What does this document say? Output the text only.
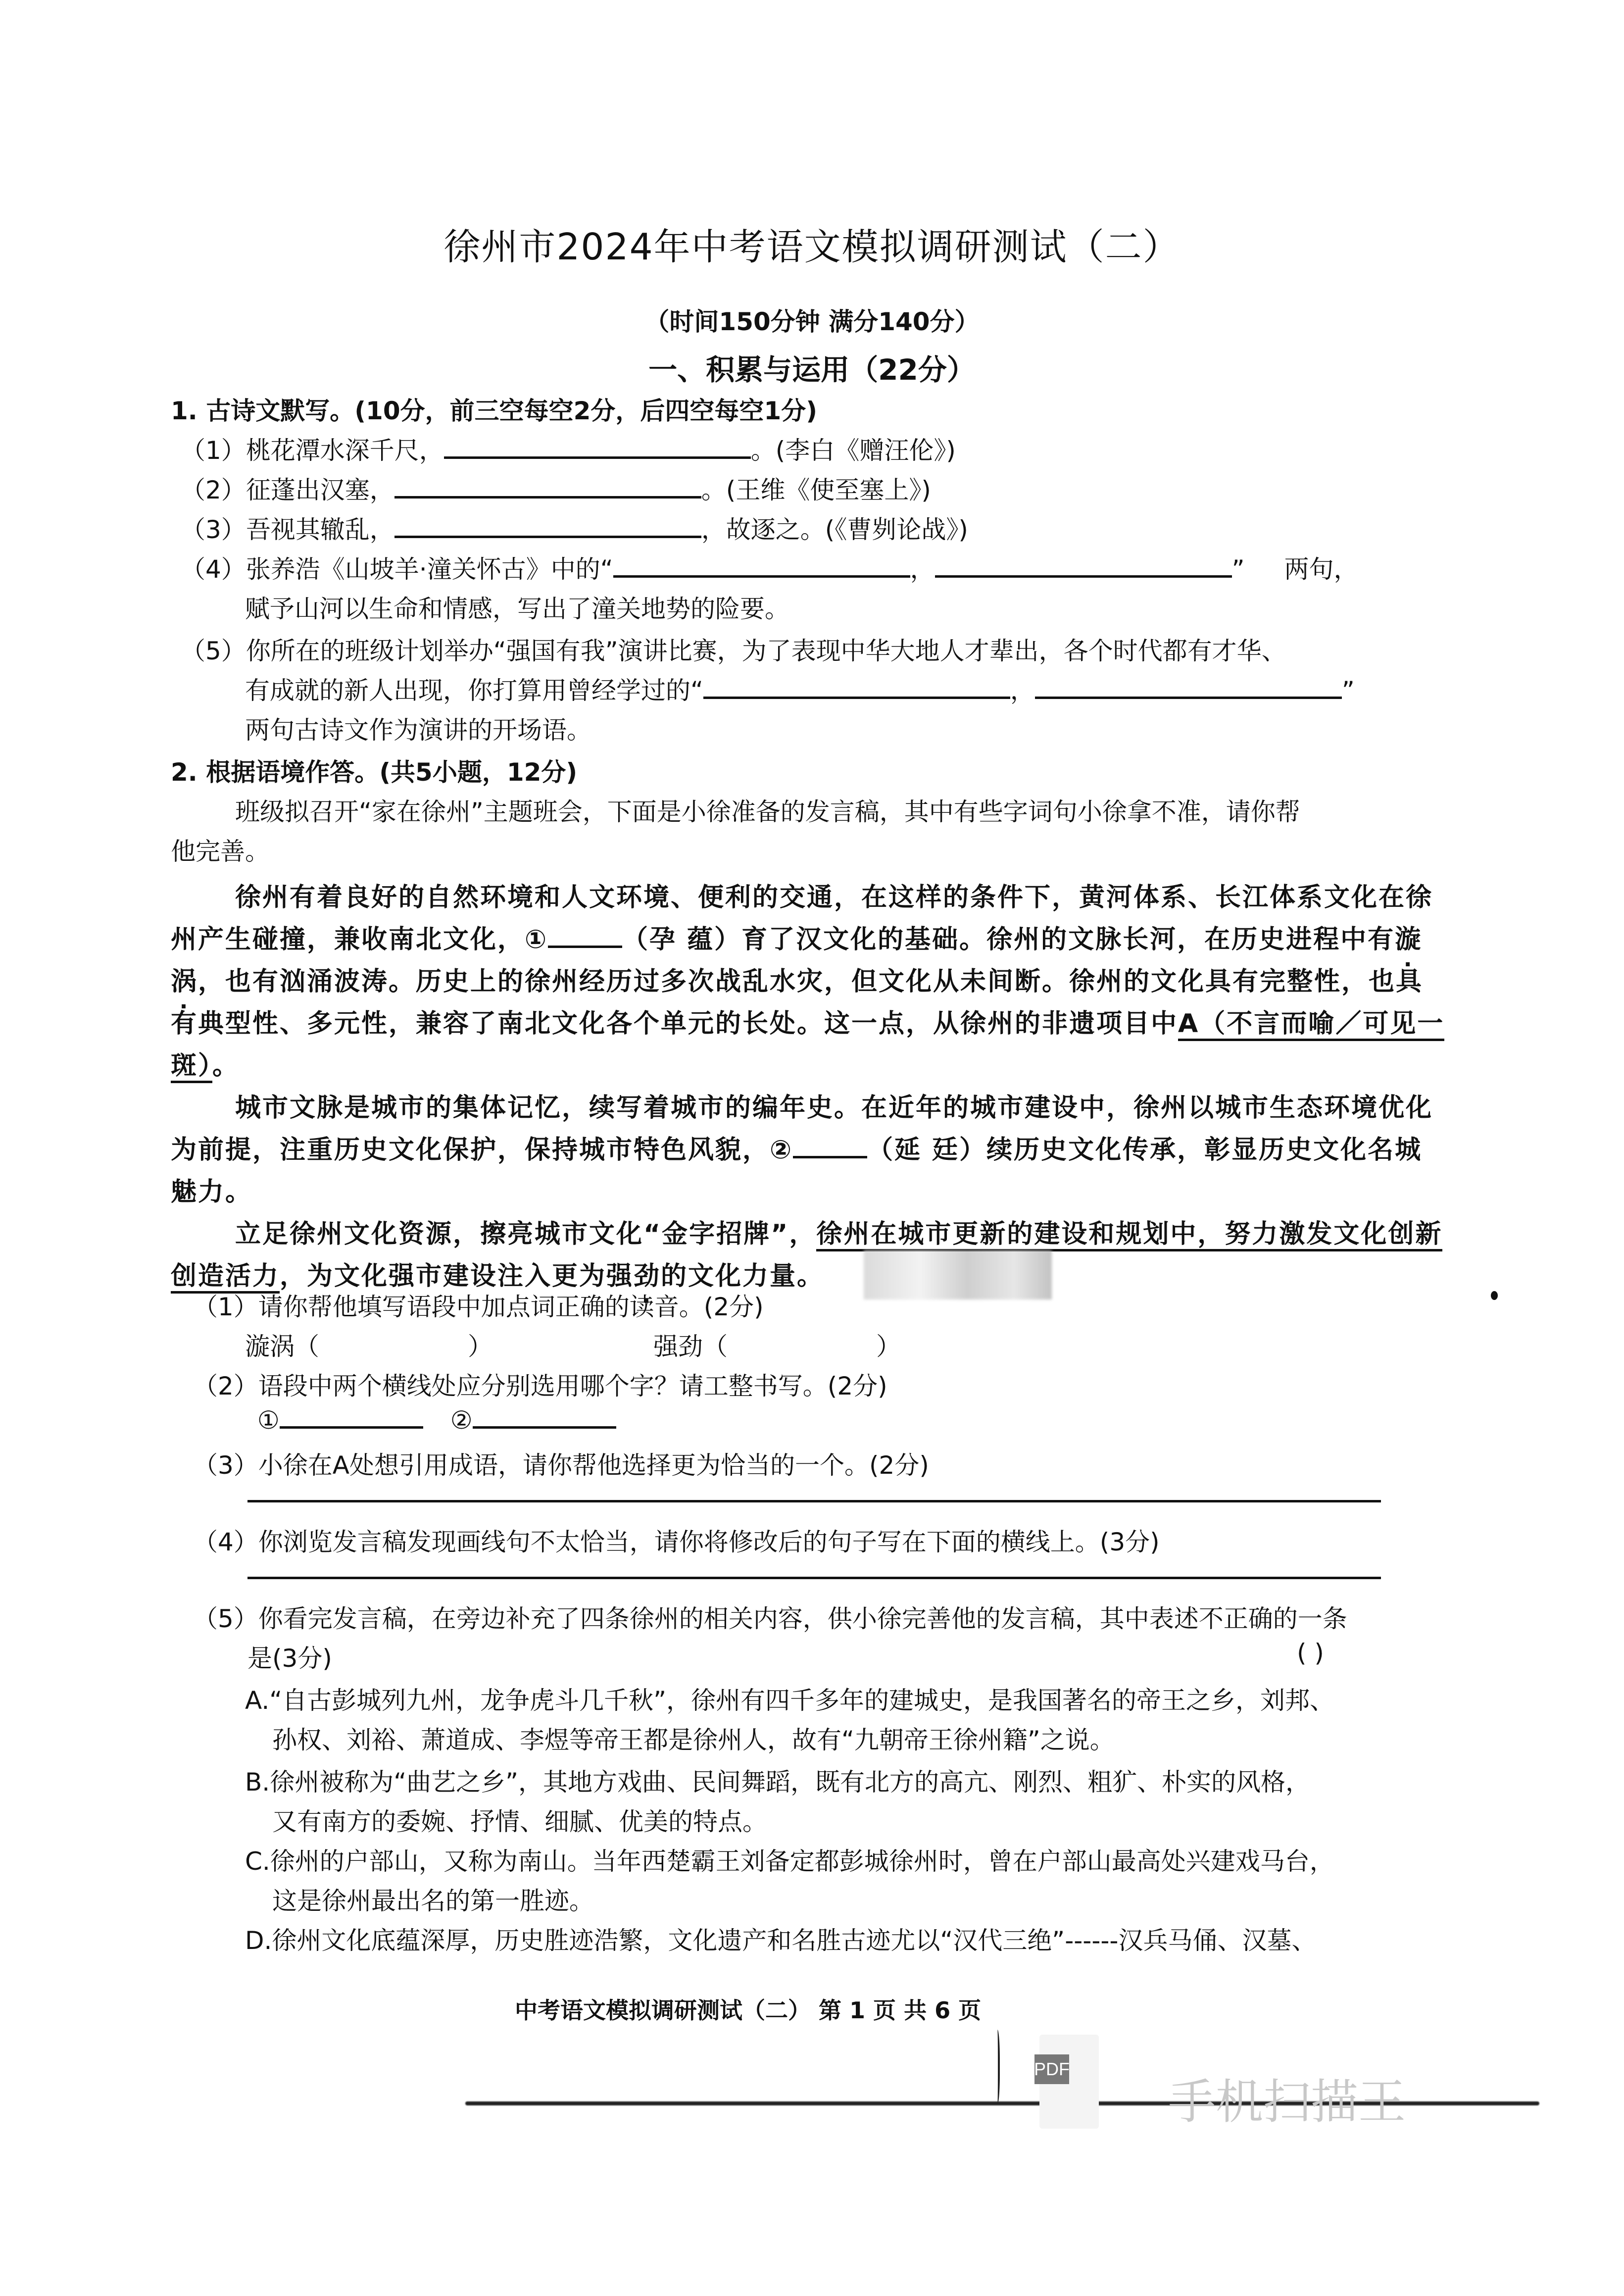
徐州市2024年中考语文模拟调研测试（二）
（时间150分钟 满分140分）
一、积累与运用（22分）
1. 古诗文默写。(10分，前三空每空2分，后四空每空1分)
（1）桃花潭水深千尺，	。(李白《赠汪伦》)
（2）征蓬出汉塞，	。(王维《使至塞上》)
（3）吾视其辙乱，	，故逐之。(《曹刿论战》)
（4）张养浩《山坡羊·潼关怀古》中的“	，	” 两句，
赋予山河以生命和情感，写出了潼关地势的险要。
（5）你所在的班级计划举办“强国有我”演讲比赛，为了表现中华大地人才辈出，各个时代都有才华、
有成就的新人出现，你打算用曾经学过的“	，	”
两句古诗文作为演讲的开场语。
2. 根据语境作答。(共5小题，12分)
班级拟召开“家在徐州”主题班会，下面是小徐准备的发言稿，其中有些字词句小徐拿不准，请你帮
他完善。
徐州有着良好的自然环境和人文环境、便利的交通，在这样的条件下，黄河体系、长江体系文化在徐
州产生碰撞，兼收南北文化，①	（孕 蕴）育了汉文化的基础。徐州的文脉长河，在历史进程中有漩
涡，也有汹涌波涛。历史上的徐州经历过多次战乱水灾，但文化从未间断。徐州的文化具有完整性，也具
有典型性、多元性，兼容了南北文化各个单元的长处。这一点，从徐州的非遗项目中A（不言而喻／可见一
斑）。
城市文脉是城市的集体记忆，续写着城市的编年史。在近年的城市建设中，徐州以城市生态环境优化
为前提，注重历史文化保护，保持城市特色风貌，②	（延 廷）续历史文化传承，彰显历史文化名城
魅力。
立足徐州文化资源，擦亮城市文化“金字招牌”，徐州在城市更新的建设和规划中，努力激发文化创新
创造活力，为文化强市建设注入更为强劲的文化力量。
（1）请你帮他填写语段中加点词正确的读音。(2分)
漩涡（	）	强劲（	）
（2）语段中两个横线处应分别选用哪个字？请工整书写。(2分)
①	②
（3）小徐在A处想引用成语，请你帮他选择更为恰当的一个。(2分)
（4）你浏览发言稿发现画线句不太恰当，请你将修改后的句子写在下面的横线上。(3分)
（5）你看完发言稿，在旁边补充了四条徐州的相关内容，供小徐完善他的发言稿，其中表述不正确的一条
是(3分)	( )
A.“自古彭城列九州，龙争虎斗几千秋”，徐州有四千多年的建城史，是我国著名的帝王之乡，刘邦、
孙权、刘裕、萧道成、李煜等帝王都是徐州人，故有“九朝帝王徐州籍”之说。
B.徐州被称为“曲艺之乡”，其地方戏曲、民间舞蹈，既有北方的高亢、刚烈、粗犷、朴实的风格，
又有南方的委婉、抒情、细腻、优美的特点。
C.徐州的户部山，又称为南山。当年西楚霸王刘备定都彭城徐州时，曾在户部山最高处兴建戏马台，
这是徐州最出名的第一胜迹。
D.徐州文化底蕴深厚，历史胜迹浩繁，文化遗产和名胜古迹尤以“汉代三绝”------汉兵马俑、汉墓、
中考语文模拟调研测试（二） 第 1 页 共 6 页
PDF
手机扫描王
